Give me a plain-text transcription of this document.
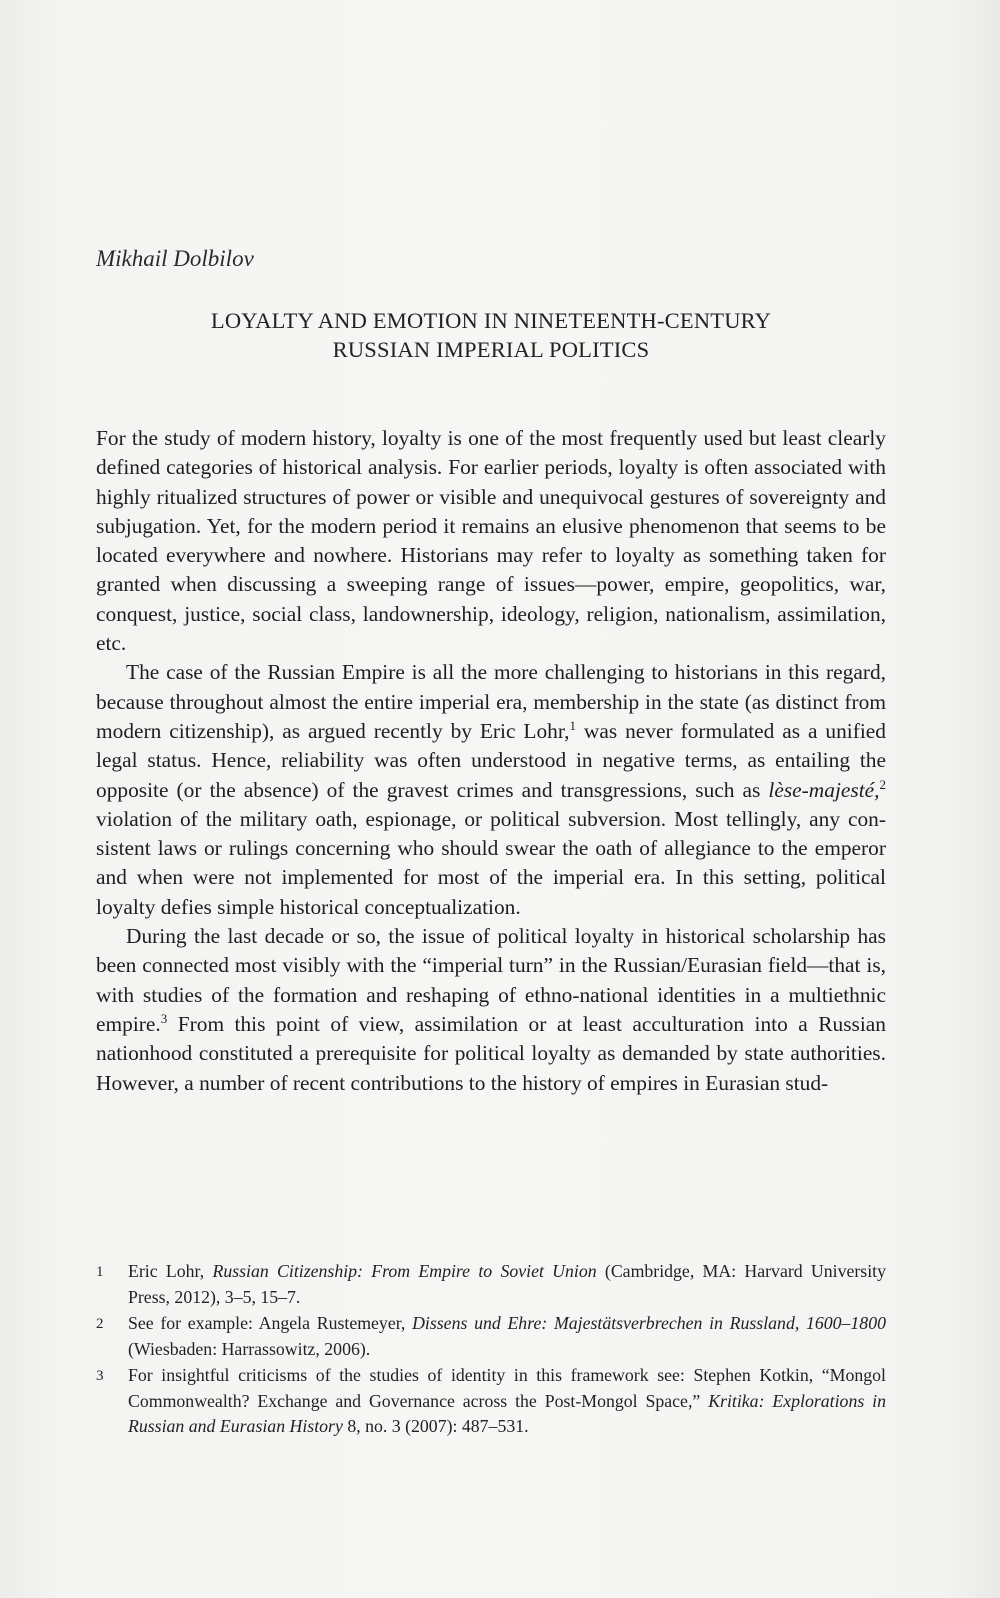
Mikhail Dolbilov
LOYALTY AND EMOTION IN NINETEENTH-CENTURY
RUSSIAN IMPERIAL POLITICS

For the study of modern history, loyalty is one of the most frequently used but least clearly defined categories of historical analysis. For earlier periods, loyalty is often associated with highly ritualized structures of power or visible and unequivocal gestures of sovereignty and subjugation. Yet, for the modern period it remains an elusive phenomenon that seems to be located everywhere and nowhere. Historians may refer to loyalty as something taken for granted when discussing a sweeping range of issues—power, empire, geopolitics, war, conquest, justice, social class, landownership, ideology, religion, nationalism, assimilation, etc.

The case of the Russian Empire is all the more challenging to historians in this regard, because throughout almost the entire imperial era, membership in the state (as distinct from modern citizenship), as argued recently by Eric Lohr,$^1$ was never formulated as a unified legal status. Hence, reliability was often understood in negative terms, as entailing the opposite (or the absence) of the gravest crimes and transgressions, such as lèse-majesté,$^2$ violation of the military oath, espionage, or political subversion. Most tellingly, any consistent laws or rulings concerning who should swear the oath of allegiance to the emperor and when were not implemented for most of the imperial era. In this setting, political loyalty defies simple historical conceptualization.

During the last decade or so, the issue of political loyalty in historical scholarship has been connected most visibly with the “imperial turn” in the Russian/Eurasian field—that is, with studies of the formation and reshaping of ethno-national identities in a multiethnic empire.$^3$ From this point of view, assimilation or at least acculturation into a Russian nationhood constituted a prerequisite for political loyalty as demanded by state authorities. However, a number of recent contributions to the history of empires in Eurasian stud-

1	Eric Lohr, Russian Citizenship: From Empire to Soviet Union (Cambridge, MA: Harvard University Press, 2012), 3–5, 15–7.
2	See for example: Angela Rustemeyer, Dissens und Ehre: Majestätsverbrechen in Russland, 1600–1800 (Wiesbaden: Harrassowitz, 2006).
3	For insightful criticisms of the studies of identity in this framework see: Stephen Kotkin, “Mongol Commonwealth? Exchange and Governance across the Post-Mongol Space,” Kritika: Explorations in Russian and Eurasian History 8, no. 3 (2007): 487–531.
